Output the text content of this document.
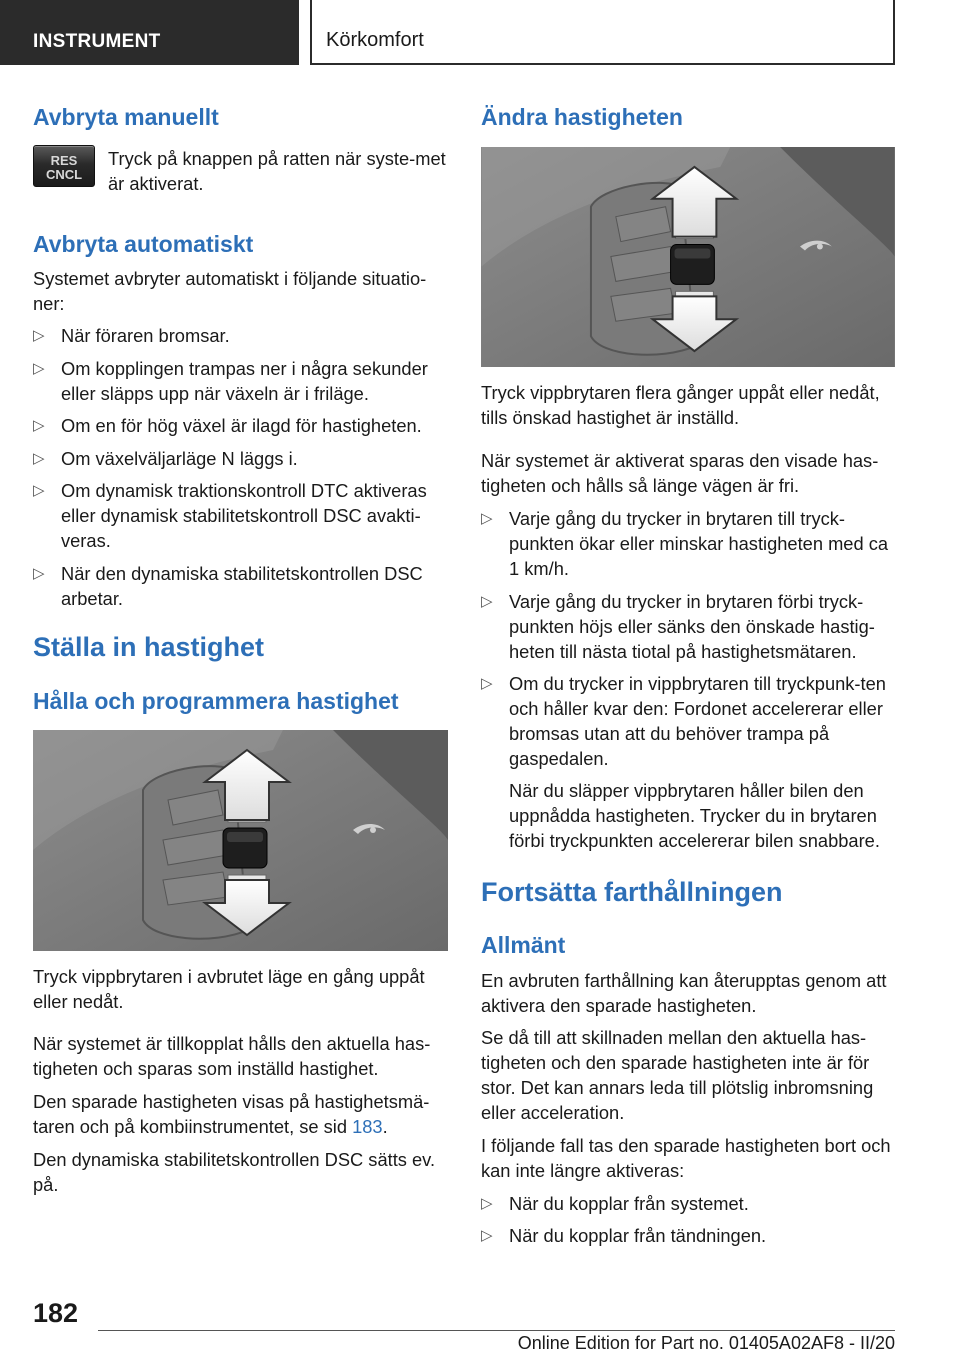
INSTRUMENT	Körkomfort
Avbryta manuellt
RES
CNCL
Tryck på knappen på ratten när syste-met är aktiverat.
Avbryta automatiskt
Systemet avbryter automatiskt i följande situatio-ner:
▷ När föraren bromsar.
▷ Om kopplingen trampas ner i några sekunder eller släpps upp när växeln är i friläge.
▷ Om en för hög växel är ilagd för hastigheten.
▷ Om växelväljarläge N läggs i.
▷ Om dynamisk traktionskontroll DTC aktiveras eller dynamisk stabilitetskontroll DSC avakti-veras.
▷ När den dynamiska stabilitetskontrollen DSC arbetar.
Ställa in hastighet
Hålla och programmera hastighet
Tryck vippbrytaren i avbrutet läge en gång uppåt eller nedåt.
När systemet är tillkopplat hålls den aktuella has-tigheten och sparas som inställd hastighet.
Den sparade hastigheten visas på hastighetsmä-taren och på kombiinstrumentet, se sid 183.
Den dynamiska stabilitetskontrollen DSC sätts ev. på.
Ändra hastigheten
Tryck vippbrytaren flera gånger uppåt eller nedåt, tills önskad hastighet är inställd.
När systemet är aktiverat sparas den visade has-tigheten och hålls så länge vägen är fri.
▷ Varje gång du trycker in brytaren till tryck-punkten ökar eller minskar hastigheten med ca 1 km/h.
▷ Varje gång du trycker in brytaren förbi tryck-punkten höjs eller sänks den önskade hastig-heten till nästa tiotal på hastighetsmätaren.
▷ Om du trycker in vippbrytaren till tryckpunk-ten och håller kvar den: Fordonet accelererar eller bromsas utan att du behöver trampa på gaspedalen.
När du släpper vippbrytaren håller bilen den uppnådda hastigheten. Trycker du in brytaren förbi tryckpunkten accelererar bilen snabbare.
Fortsätta farthållningen
Allmänt
En avbruten farthållning kan återupptas genom att aktivera den sparade hastigheten.
Se då till att skillnaden mellan den aktuella has-tigheten och den sparade hastigheten inte är för stor. Det kan annars leda till plötslig inbromsning eller acceleration.
I följande fall tas den sparade hastigheten bort och kan inte längre aktiveras:
▷ När du kopplar från systemet.
▷ När du kopplar från tändningen.
182
Online Edition for Part no. 01405A02AF8 - II/20
